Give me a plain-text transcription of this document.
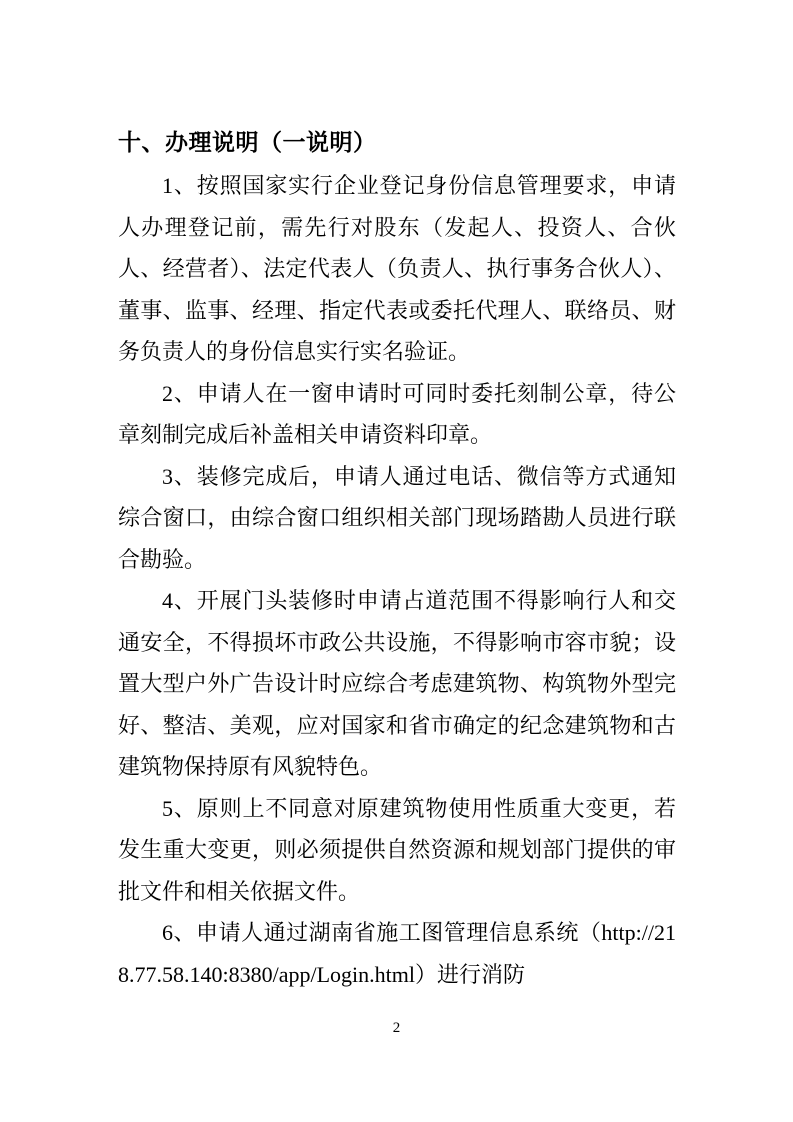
十、办理说明（一说明）

1、按照国家实行企业登记身份信息管理要求，申请人办理登记前，需先行对股东（发起人、投资人、合伙人、经营者）、法定代表人（负责人、执行事务合伙人）、董事、监事、经理、指定代表或委托代理人、联络员、财务负责人的身份信息实行实名验证。

2、申请人在一窗申请时可同时委托刻制公章，待公章刻制完成后补盖相关申请资料印章。

3、装修完成后，申请人通过电话、微信等方式通知综合窗口，由综合窗口组织相关部门现场踏勘人员进行联合勘验。

4、开展门头装修时申请占道范围不得影响行人和交通安全，不得损坏市政公共设施，不得影响市容市貌；设置大型户外广告设计时应综合考虑建筑物、构筑物外型完好、整洁、美观，应对国家和省市确定的纪念建筑物和古建筑物保持原有风貌特色。

5、原则上不同意对原建筑物使用性质重大变更，若发生重大变更，则必须提供自然资源和规划部门提供的审批文件和相关依据文件。

6、申请人通过湖南省施工图管理信息系统（http://218.77.58.140:8380/app/Login.html）进行消防

2
